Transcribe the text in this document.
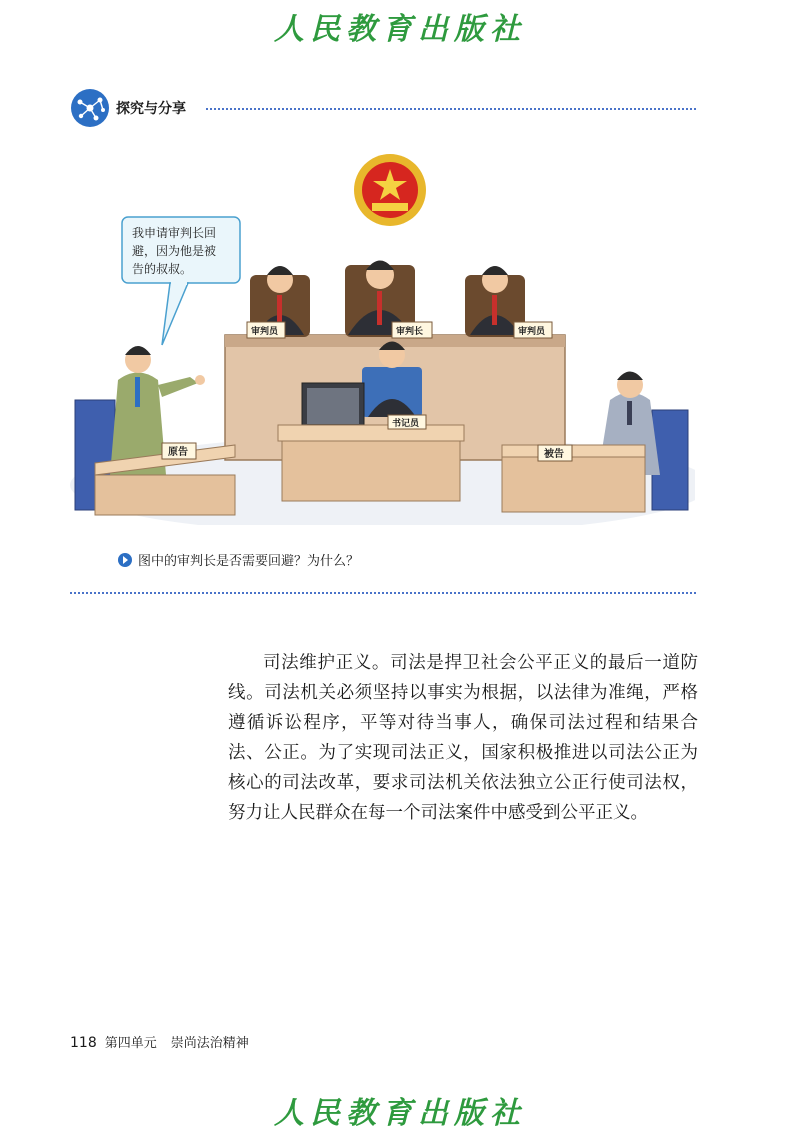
人民教育出版社
探究与分享
我申请审判长回
避，因为他是被
告的叔叔。
审判员	审判长	审判员
书记员
原告	被告
图中的审判长是否需要回避？为什么？

司法维护正义。司法是捍卫社会公平正义的最后一道防线。司法机关必须坚持以事实为根据，以法律为准绳，严格遵循诉讼程序，平等对待当事人，确保司法过程和结果合法、公正。为了实现司法正义，国家积极推进以司法公正为核心的司法改革，要求司法机关依法独立公正行使司法权，努力让人民群众在每一个司法案件中感受到公平正义。

118 第四单元 崇尚法治精神
人民教育出版社
